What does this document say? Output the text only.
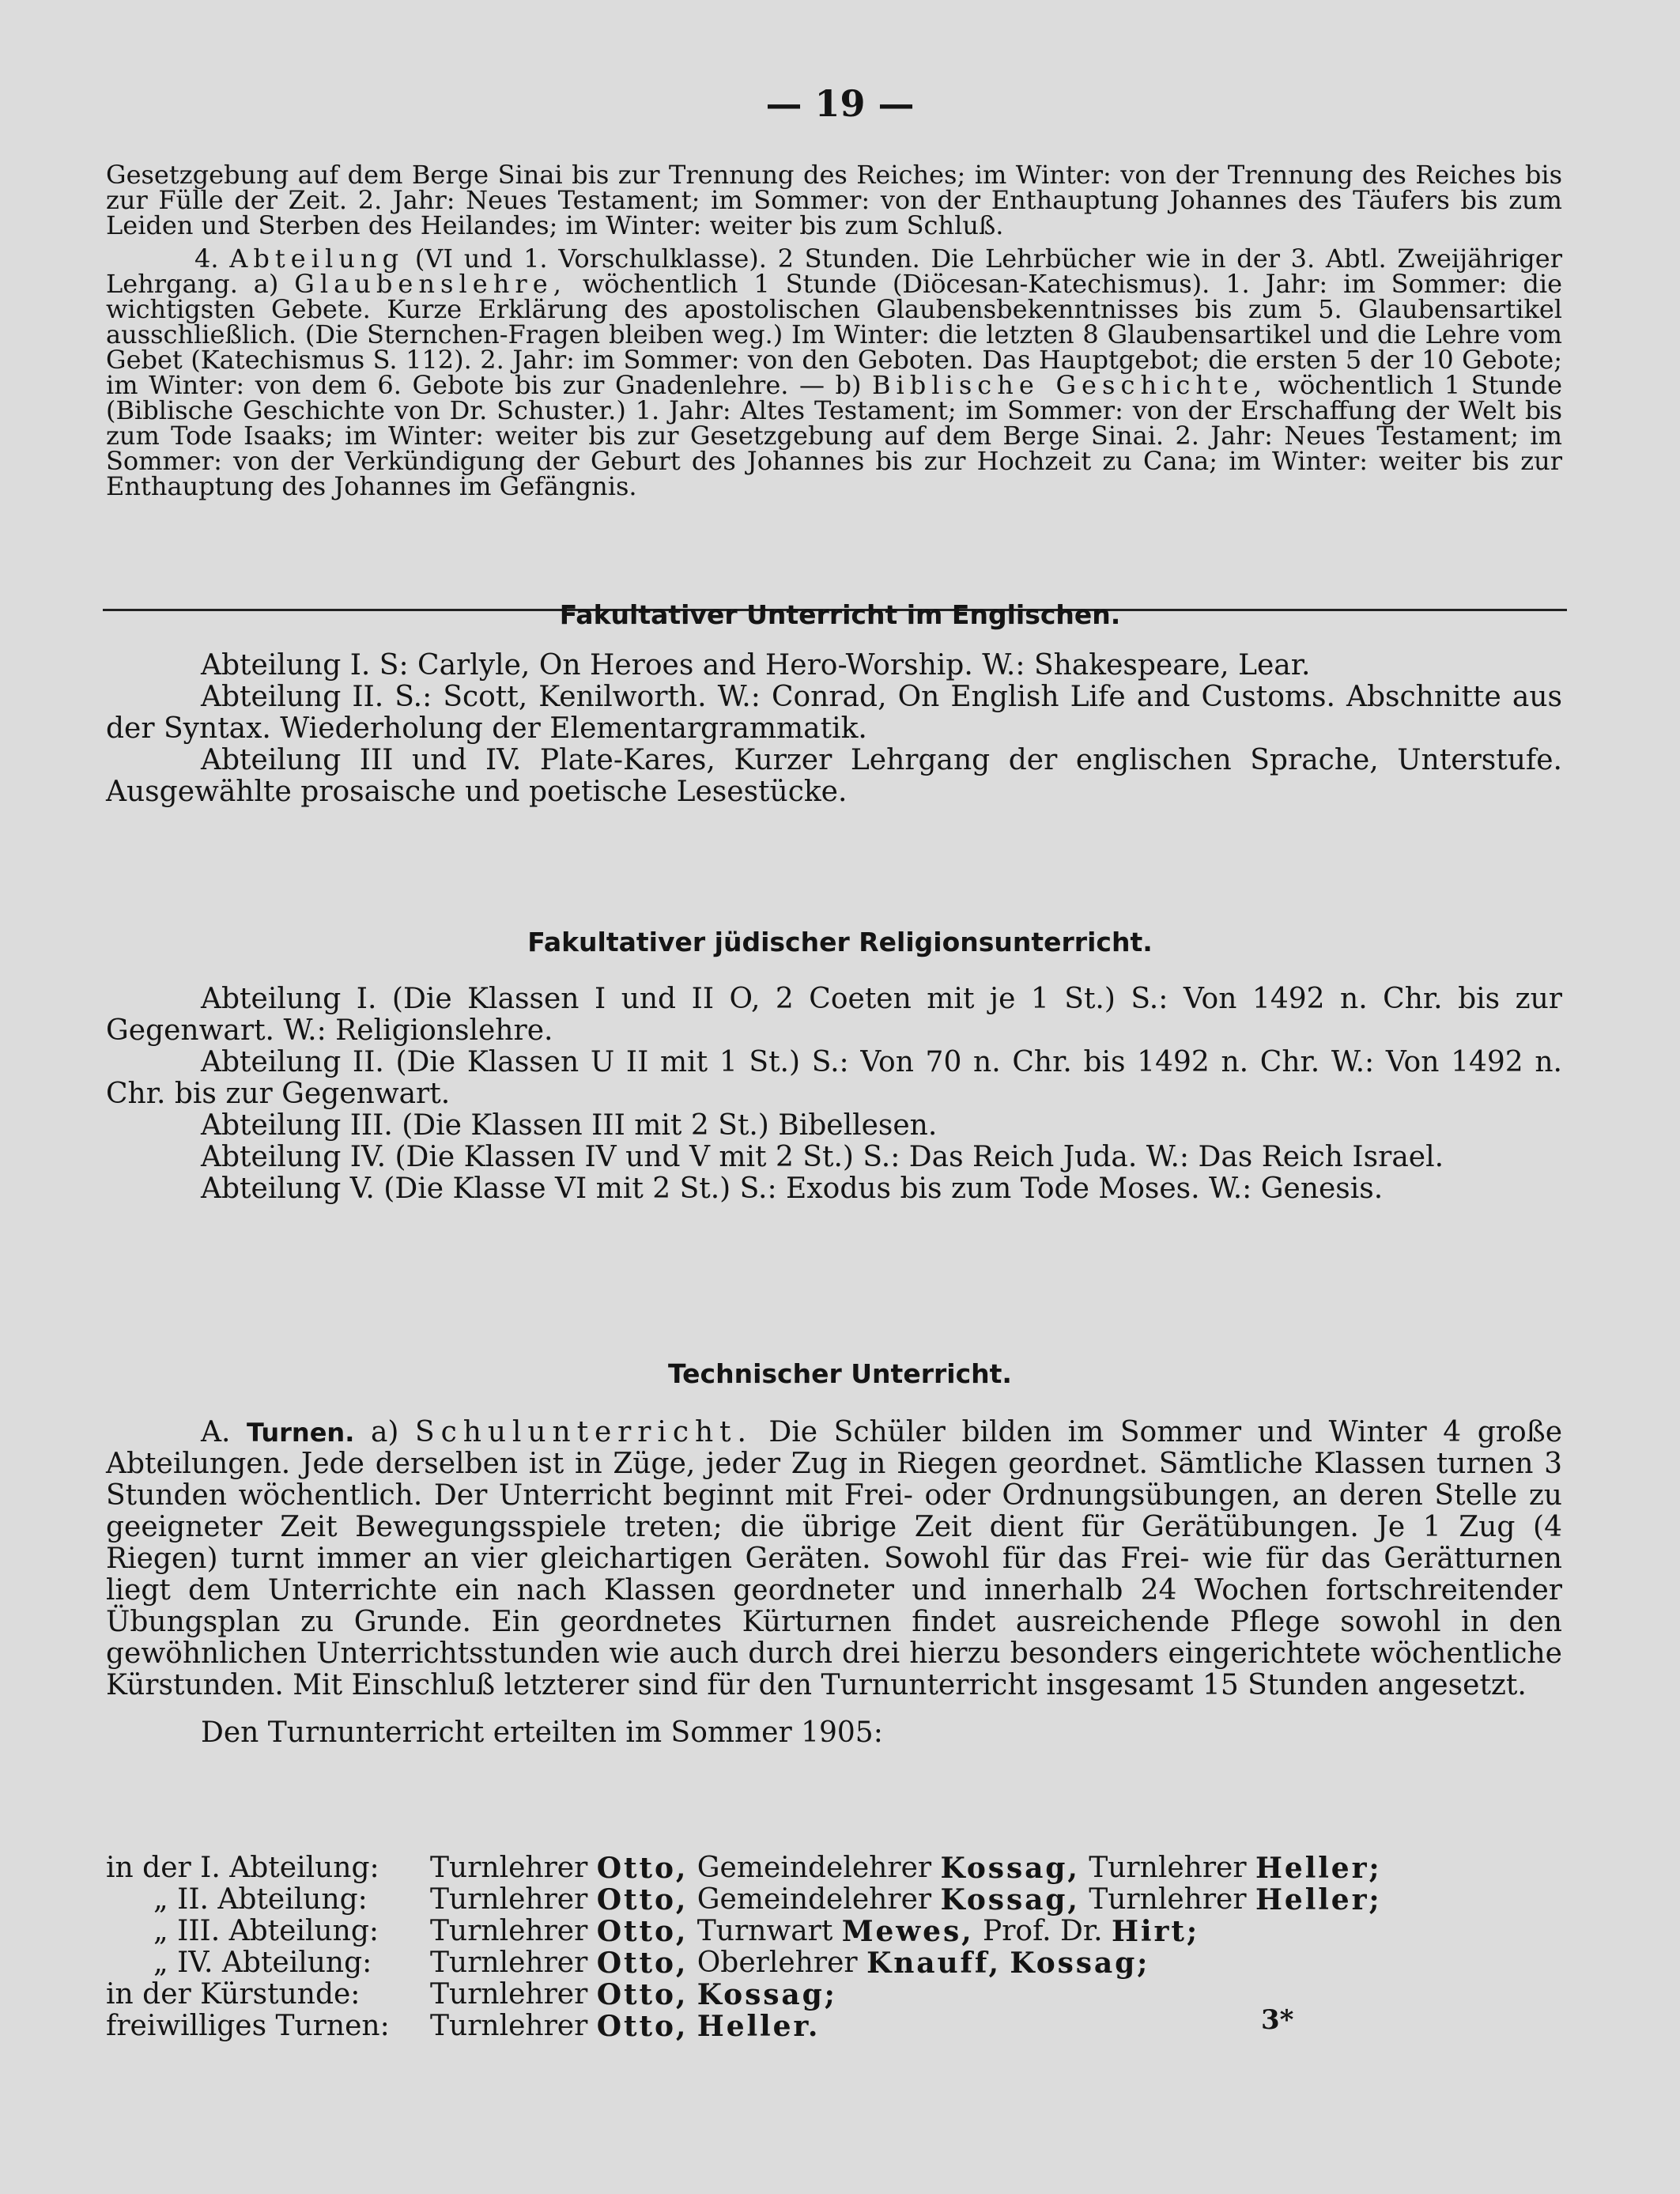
— 19 —

Gesetzgebung auf dem Berge Sinai bis zur Trennung des Reiches; im Winter: von der Trennung des Reiches bis zur Fülle der Zeit. 2. Jahr: Neues Testament; im Sommer: von der Enthauptung Johannes des Täufers bis zum Leiden und Sterben des Heilandes; im Winter: weiter bis zum Schluß.

4. Abteilung (VI und 1. Vorschulklasse). 2 Stunden. Die Lehrbücher wie in der 3. Abtl. Zweijähriger Lehrgang. a) Glaubenslehre, wöchentlich 1 Stunde (Diöcesan-Katechismus). 1. Jahr: im Sommer: die wichtigsten Gebete. Kurze Erklärung des apostolischen Glaubensbekenntnisses bis zum 5. Glaubensartikel ausschließlich. (Die Sternchen-Fragen bleiben weg.) Im Winter: die letzten 8 Glaubensartikel und die Lehre vom Gebet (Katechismus S. 112). 2. Jahr: im Sommer: von den Geboten. Das Hauptgebot; die ersten 5 der 10 Gebote; im Winter: von dem 6. Gebote bis zur Gnadenlehre. — b) Biblische Geschichte, wöchentlich 1 Stunde (Biblische Geschichte von Dr. Schuster.) 1. Jahr: Altes Testament; im Sommer: von der Erschaffung der Welt bis zum Tode Isaaks; im Winter: weiter bis zur Gesetzgebung auf dem Berge Sinai. 2. Jahr: Neues Testament; im Sommer: von der Verkündigung der Geburt des Johannes bis zur Hochzeit zu Cana; im Winter: weiter bis zur Enthauptung des Johannes im Gefängnis.

Fakultativer Unterricht im Englischen.

Abteilung I. S: Carlyle, On Heroes and Hero-Worship. W.: Shakespeare, Lear.

Abteilung II. S.: Scott, Kenilworth. W.: Conrad, On English Life and Customs. Abschnitte aus der Syntax. Wiederholung der Elementargrammatik.

Abteilung III und IV. Plate-Kares, Kurzer Lehrgang der englischen Sprache, Unterstufe. Ausgewählte prosaische und poetische Lesestücke.

Fakultativer jüdischer Religionsunterricht.

Abteilung I. (Die Klassen I und II O, 2 Coeten mit je 1 St.) S.: Von 1492 n. Chr. bis zur Gegenwart. W.: Religionslehre.

Abteilung II. (Die Klassen U II mit 1 St.) S.: Von 70 n. Chr. bis 1492 n. Chr. W.: Von 1492 n. Chr. bis zur Gegenwart.

Abteilung III. (Die Klassen III mit 2 St.) Bibellesen.

Abteilung IV. (Die Klassen IV und V mit 2 St.) S.: Das Reich Juda. W.: Das Reich Israel.

Abteilung V. (Die Klasse VI mit 2 St.) S.: Exodus bis zum Tode Moses. W.: Genesis.

Technischer Unterricht.

A. Turnen. a) Schulunterricht. Die Schüler bilden im Sommer und Winter 4 große Abteilungen. Jede derselben ist in Züge, jeder Zug in Riegen geordnet. Sämtliche Klassen turnen 3 Stunden wöchentlich. Der Unterricht beginnt mit Frei- oder Ordnungsübungen, an deren Stelle zu geeigneter Zeit Bewegungsspiele treten; die übrige Zeit dient für Gerätübungen. Je 1 Zug (4 Riegen) turnt immer an vier gleichartigen Geräten. Sowohl für das Frei- wie für das Gerätturnen liegt dem Unterrichte ein nach Klassen geordneter und innerhalb 24 Wochen fortschreitender Übungsplan zu Grunde. Ein geordnetes Kürturnen findet ausreichende Pflege sowohl in den gewöhnlichen Unterrichtsstunden wie auch durch drei hierzu besonders eingerichtete wöchentliche Kürstunden. Mit Einschluß letzterer sind für den Turnunterricht insgesamt 15 Stunden angesetzt.

Den Turnunterricht erteilten im Sommer 1905:

in der I. Abteilung:	Turnlehrer
Otto,
Gemeindelehrer
Kossag,
Turnlehrer
Heller;
„ II. Abteilung:	Turnlehrer
Otto,
Gemeindelehrer
Kossag,
Turnlehrer
Heller;
„ III. Abteilung:	Turnlehrer
Otto,
Turnwart
Mewes,
Prof. Dr.
Hirt;
„ IV. Abteilung:	Turnlehrer
Otto,
Oberlehrer
Knauff,
Kossag;
in der Kürstunde:	Turnlehrer
Otto,
Kossag;
freiwilliges Turnen:	Turnlehrer
Otto,
Heller.	3*
